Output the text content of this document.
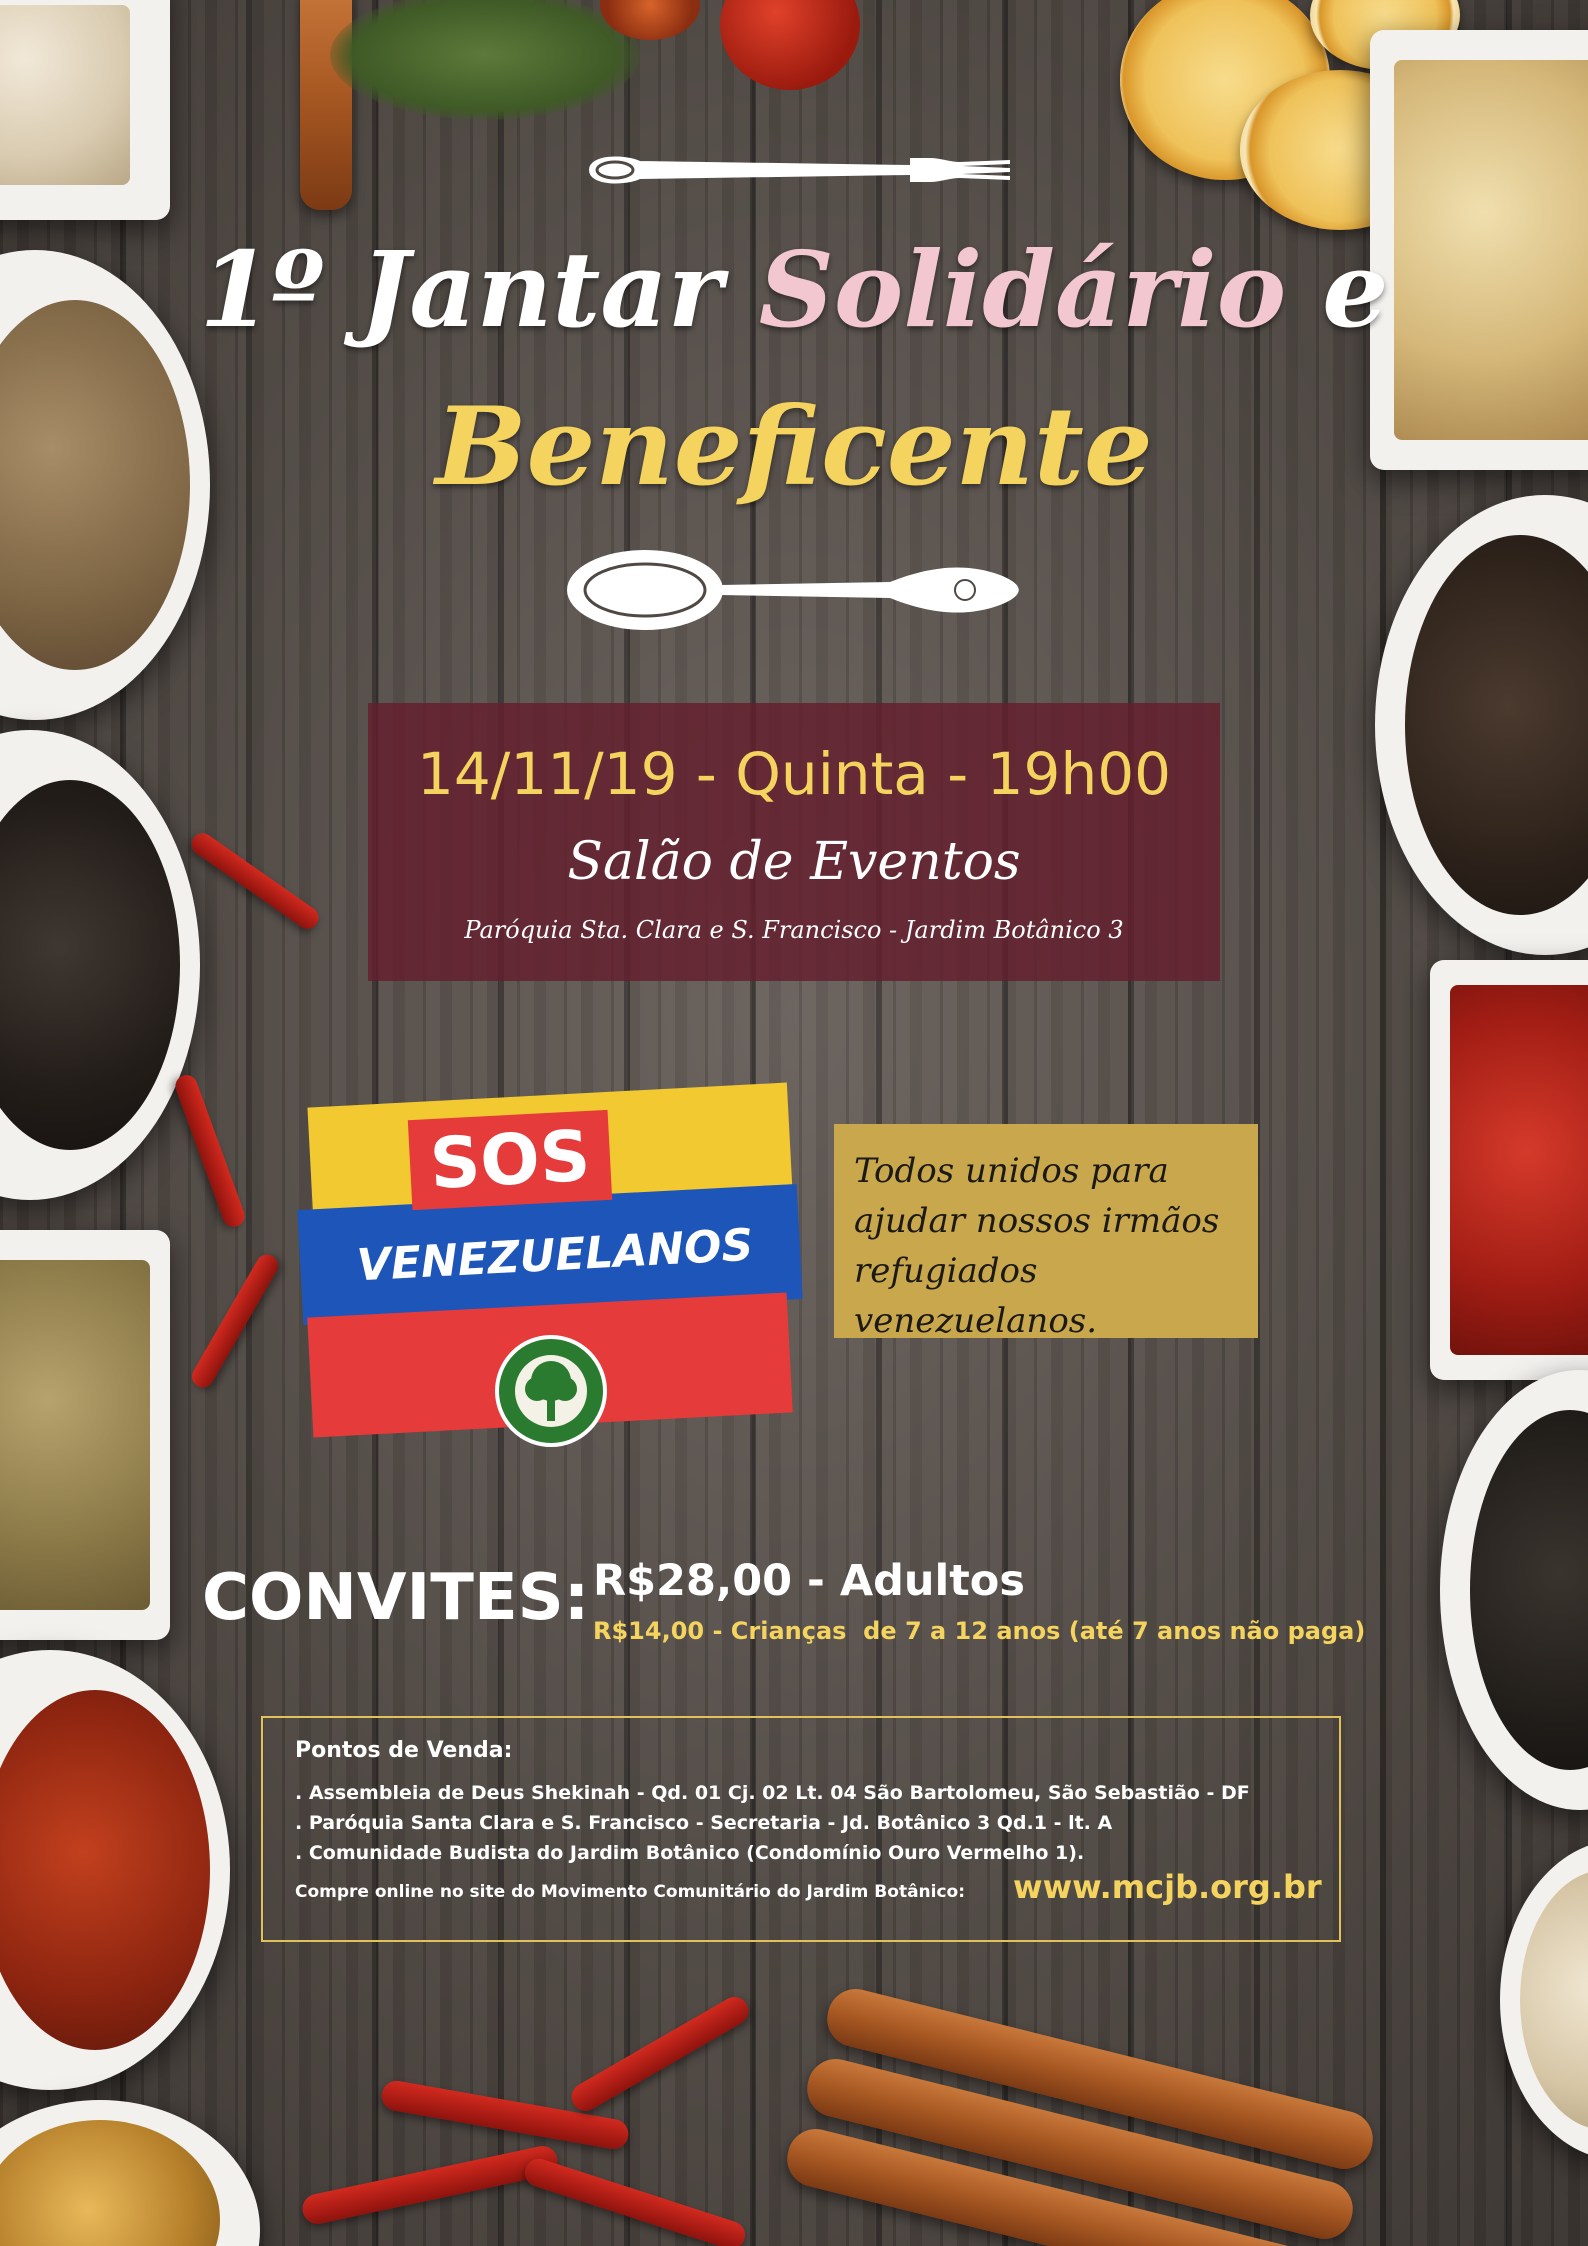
1º Jantar Solidário e
Beneficente
14/11/19 - Quinta - 19h00
Salão de Eventos
Paróquia Sta. Clara e S. Francisco - Jardim Botânico 3
SOS
VENEZUELANOS
Todos unidos para ajudar nossos irmãos refugiados venezuelanos.
CONVITES: R$28,00 - Adultos
R$14,00 - Crianças  de 7 a 12 anos (até 7 anos não paga)
Pontos de Venda:
. Assembleia de Deus Shekinah - Qd. 01 Cj. 02 Lt. 04 São Bartolomeu, São Sebastião - DF
. Paróquia Santa Clara e S. Francisco - Secretaria - Jd. Botânico 3 Qd.1 - lt. A
. Comunidade Budista do Jardim Botânico (Condomínio Ouro Vermelho 1).
Compre online no site do Movimento Comunitário do Jardim Botânico: www.mcjb.org.br
